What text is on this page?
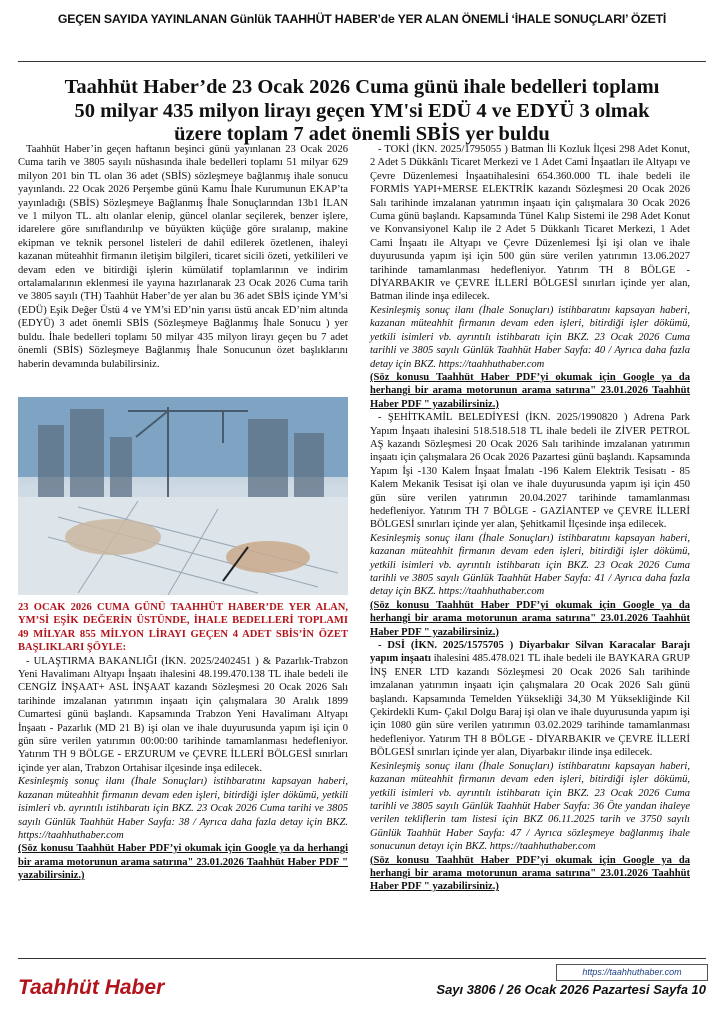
GEÇEN SAYIDA YAYINLANAN Günlük TAAHHÜT HABER’de YER ALAN ÖNEMLİ ‘İHALE SONUÇLARI’ ÖZETİ
Taahhüt Haber’de 23 Ocak 2026 Cuma günü ihale bedelleri toplamı 50 milyar 435 milyon lirayı geçen YM'si EDÜ 4 ve EDYÜ 3 olmak üzere toplam 7 adet önemli SBİS yer buldu

Taahhüt Haber’in geçen haftanın beşinci günü yayınlanan 23 Ocak 2026 Cuma tarih ve 3805 sayılı nüshasında ihale bedelleri toplamı 51 milyar 629 milyon 201 bin TL olan 36 adet (SBİS) sözleşmeye bağlanmış ihale sonucu yayınlandı. 22 Ocak 2026 Perşembe günü Kamu İhale Kurumunun EKAP’ta yayınladığı (SBİS) Sözleşmeye Bağlanmış İhale Sonuçlarından 13b1 İLAN ve 1 milyon TL. altı olanlar elenip, güncel olanlar seçilerek, benzer işlere, idarelere göre sınıflandırılıp ve büyükten küçüğe göre sıralanıp, makine ekipman ve teknik personel listeleri de dahil edilerek özetlenen, ihaleyi kazanan müteahhit firmanın iletişim bilgileri, ticaret sicili özeti, yetkilileri ve devam eden ve bitirdiği işlerin kümülatif toplamlarının ve indirim ortalamalarının eklenmesi ile yayına hazırlanarak 23 Ocak 2026 Cuma tarih ve 3805 sayılı (TH) Taahhüt Haber’de yer alan bu 36 adet SBİS içinde YM’si (EDÜ) Eşik Değer Üstü 4 ve YM’si ED’nin yarısı üstü ancak ED’nim altında (EDYÜ) 3 adet önemli SBİS (Sözleşmeye Bağlanmış İhale Sonucu ) yer buldu. İhale bedelleri toplamı 50 milyar 435 milyon lirayı geçen bu 7 adet önemli (SBİS) Sözleşmeye Bağlanmış İhale Sonucunun özet başlıklarını haberin devamında bulabilirsiniz.

23 OCAK 2026 CUMA GÜNÜ TAAHHÜT HABER’DE YER ALAN, YM’Sİ EŞİK DEĞERİN ÜSTÜNDE, İHALE BEDELLERİ TOPLAMI 49 MİLYAR 855 MİLYON LİRAYI GEÇEN 4 ADET SBİS’İN ÖZET BAŞLIKLARI ŞÖYLE:

- ULAŞTIRMA BAKANLIĞI (İKN. 2025/2402451 ) & Pazarlık-Trabzon Yeni Havalimanı Altyapı İnşaatı ihalesini 48.199.470.138 TL ihale bedeli ile CENGİZ İNŞAAT+ ASL İNŞAAT kazandı Sözleşmesi 20 Ocak 2026 Salı tarihinde imzalanan yatırımın inşaatı için çalışmalara 30 Aralık 1899 Cumartesi günü başlandı. Kapsamında Trabzon Yeni Havalimanı Altyapı İnşaatı - Pazarlık (MD 21 B) işi olan ve ihale duyurusunda yapım işi için 0 gün süre verilen yatırımın 00:00:00 tarihinde tamamlanması hedefleniyor. Yatırım TH 9 BÖLGE - ERZURUM ve ÇEVRE İLLERİ BÖLGESİ sınırları içinde yer alan, Trabzon Ortahisar ilçesinde inşa edilecek.

Kesinleşmiş sonuç ilanı (İhale Sonuçları) istihbaratını kapsayan haberi, kazanan müteahhit firmanın devam eden işleri, bitirdiği işler dökümü, yetkili isimleri vb. ayrıntılı istihbaratı için BKZ. 23 Ocak 2026 Cuma tarihi ve 3805 sayılı Günlük Taahhüt Haber Sayfa: 38 / Ayrıca daha fazla detay için BKZ. https://taahhuthaber.com

(Söz konusu Taahhüt Haber PDF’yi okumak için Google ya da herhangi bir arama motorunun arama satırına" 23.01.2026 Taahhüt Haber PDF " yazabilirsiniz.)

- TOKİ (İKN. 2025/1795055 ) Batman İli Kozluk İlçesi 298 Adet Konut, 2 Adet 5 Dükkânlı Ticaret Merkezi ve 1 Adet Cami İnşaatları ile Altyapı ve Çevre Düzenlemesi İnşaatıihalesini 654.360.000 TL ihale bedeli ile FORMİS YAPI+MERSE ELEKTRİK kazandı Sözleşmesi 20 Ocak 2026 Salı tarihinde imzalanan yatırımın inşaatı için çalışmalara 30 Ocak 2026 Cuma günü başlandı. Kapsamında Tünel Kalıp Sistemi ile 298 Adet Konut ve Konvansiyonel Kalıp ile 2 Adet 5 Dükkanlı Ticaret Merkezi, 1 Adet Cami İnşaatı ile Altyapı ve Çevre Düzenlemesi İşi işi olan ve ihale duyurusunda yapım işi için 500 gün süre verilen yatırımın 13.06.2027 tarihinde tamamlanması hedefleniyor. Yatırım TH 8 BÖLGE - DİYARBAKIR ve ÇEVRE İLLERİ BÖLGESİ sınırları içinde yer alan, Batman ilinde inşa edilecek.

Kesinleşmiş sonuç ilanı (İhale Sonuçları) istihbaratını kapsayan haberi, kazanan müteahhit firmanın devam eden işleri, bitirdiği işler dökümü, yetkili isimleri vb. ayrıntılı istihbaratı için BKZ. 23 Ocak 2026 Cuma tarihli ve 3805 sayılı Günlük Taahhüt Haber Sayfa: 40 / Ayrıca daha fazla detay için BKZ. https://taahhuthaber.com

(Söz konusu Taahhüt Haber PDF’yi okumak için Google ya da herhangi bir arama motorunun arama satırına" 23.01.2026 Taahhüt Haber PDF " yazabilirsiniz.)

- ŞEHİTKAMİL BELEDİYESİ (İKN. 2025/1990820 ) Adrena Park Yapım İnşaatı ihalesini 518.518.518 TL ihale bedeli ile ZİVER PETROL AŞ kazandı Sözleşmesi 20 Ocak 2026 Salı tarihinde imzalanan yatırımın inşaatı için çalışmalara 26 Ocak 2026 Pazartesi günü başlandı. Kapsamında Yapım İşi -130 Kalem İnşaat İmalatı -196 Kalem Elektrik Tesisatı - 85 Kalem Mekanik Tesisat işi olan ve ihale duyurusunda yapım işi için 450 gün süre verilen yatırımın 20.04.2027 tarihinde tamamlanması hedefleniyor. Yatırım TH 7 BÖLGE - GAZİANTEP ve ÇEVRE İLLERİ BÖLGESİ sınırları içinde yer alan, Şehitkamil İlçesinde inşa edilecek.

Kesinleşmiş sonuç ilanı (İhale Sonuçları) istihbaratını kapsayan haberi, kazanan müteahhit firmanın devam eden işleri, bitirdiği işler dökümü, yetkili isimleri vb. ayrıntılı istihbaratı için BKZ. 23 Ocak 2026 Cuma tarihli ve 3805 sayılı Günlük Taahhüt Haber Sayfa: 41 / Ayrıca daha fazla detay için BKZ. https://taahhuthaber.com

(Söz konusu Taahhüt Haber PDF’yi okumak için Google ya da herhangi bir arama motorunun arama satırına" 23.01.2026 Taahhüt Haber PDF " yazabilirsiniz.)

- DSİ (İKN. 2025/1575705 ) Diyarbakır Silvan Karacalar Barajı yapım inşaatı ihalesini 485.478.021 TL ihale bedeli ile BAYKARA GRUP İNŞ ENER LTD kazandı Sözleşmesi 20 Ocak 2026 Salı tarihinde imzalanan yatırımın inşaatı için çalışmalara 20 Ocak 2026 Salı günü başlandı. Kapsamında Temelden Yüksekliği 34,30 M Yüksekliğinde Kil Çekirdekli Kum- Çakıl Dolgu Baraj işi olan ve ihale duyurusunda yapım işi için 1080 gün süre verilen yatırımın 03.02.2029 tarihinde tamamlanması hedefleniyor. Yatırım TH 8 BÖLGE - DİYARBAKIR ve ÇEVRE İLLERİ BÖLGESİ sınırları içinde yer alan, Diyarbakır ilinde inşa edilecek.

Kesinleşmiş sonuç ilanı (İhale Sonuçları) istihbaratını kapsayan haberi, kazanan müteahhit firmanın devam eden işleri, bitirdiği işler dökümü, yetkili isimleri vb. ayrıntılı istihbaratı için BKZ. 23 Ocak 2026 Cuma tarihli ve 3805 sayılı Günlük Taahhüt Haber Sayfa: 36 Öte yandan ihaleye verilen tekliflerin tam listesi için BKZ 06.11.2025 tarih ve 3750 sayılı Günlük Taahhüt Haber Sayfa: 47 / Ayrıca sözleşmeye bağlanmış ihale sonucunun detayı için BKZ. https://taahhuthaber.com

(Söz konusu Taahhüt Haber PDF’yi okumak için Google ya da herhangi bir arama motorunun arama satırına" 23.01.2026 Taahhüt Haber PDF " yazabilirsiniz.)

https://taahhuthaber.com
Taahhüt Haber	Sayı 3806 / 26 Ocak 2026 Pazartesi Sayfa 10
